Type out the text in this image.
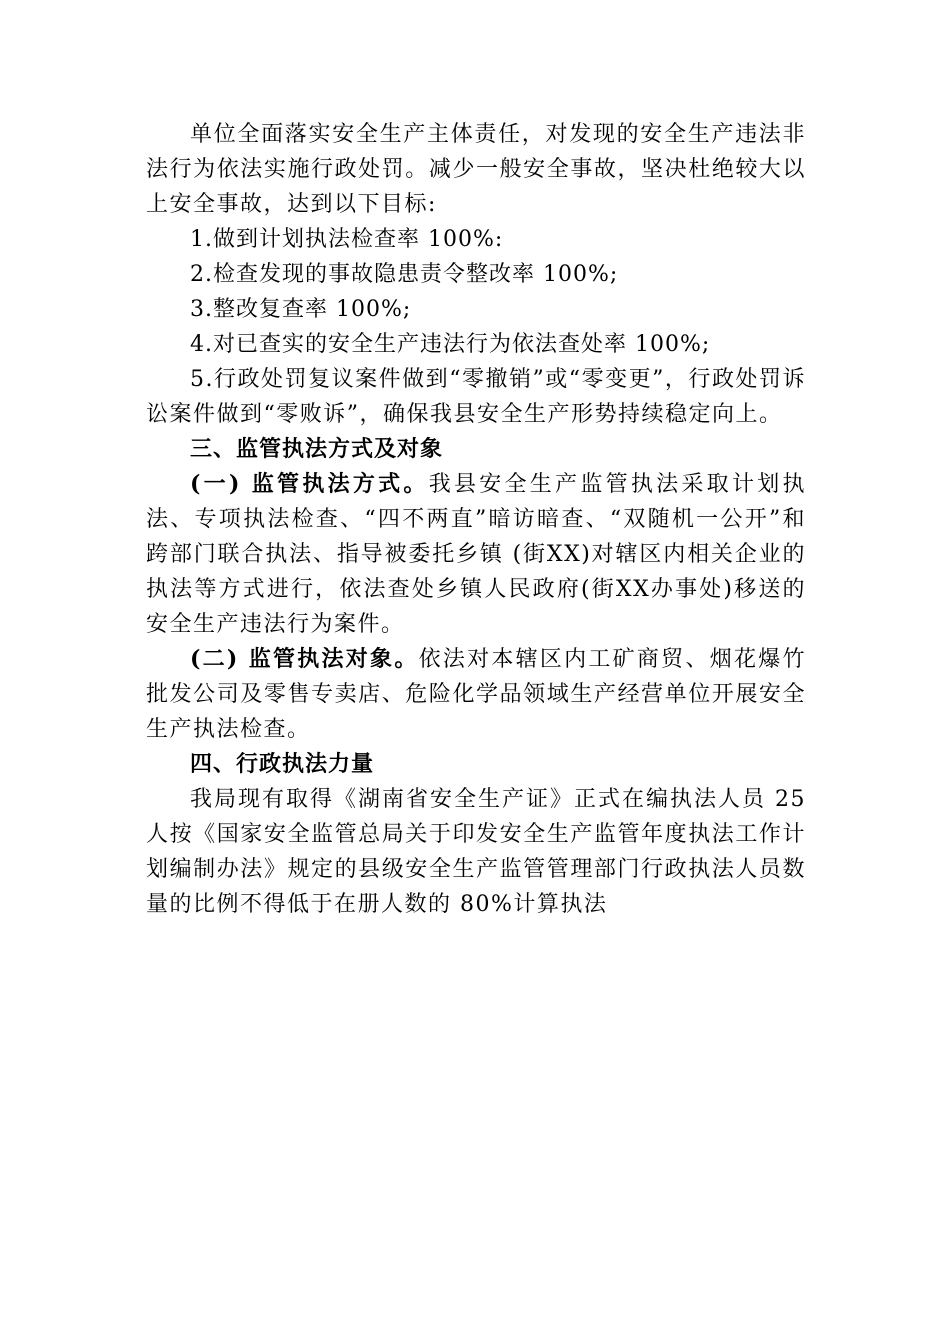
单位全面落实安全生产主体责任，对发现的安全生产违法非法行为依法实施行政处罚。减少一般安全事故，坚决杜绝较大以上安全事故，达到以下目标:

1.做到计划执法检查率 100%:

2.检查发现的事故隐患责令整改率 100%;

3.整改复查率 100%;

4.对已查实的安全生产违法行为依法查处率 100%;

5.行政处罚复议案件做到“零撤销”或“零变更”，行政处罚诉讼案件做到“零败诉”，确保我县安全生产形势持续稳定向上。

三、监管执法方式及对象

(一) 监管执法方式。我县安全生产监管执法采取计划执法、专项执法检查、“四不两直”暗访暗查、“双随机一公开”和跨部门联合执法、指导被委托乡镇 (街XX)对辖区内相关企业的执法等方式进行，依法查处乡镇人民政府(街XX办事处)移送的安全生产违法行为案件。

(二) 监管执法对象。依法对本辖区内工矿商贸、烟花爆竹批发公司及零售专卖店、危险化学品领域生产经营单位开展安全生产执法检查。

四、行政执法力量

我局现有取得《湖南省安全生产证》正式在编执法人员 25人按《国家安全监管总局关于印发安全生产监管年度执法工作计划编制办法》规定的县级安全生产监管管理部门行政执法人员数量的比例不得低于在册人数的 80%计算执法
